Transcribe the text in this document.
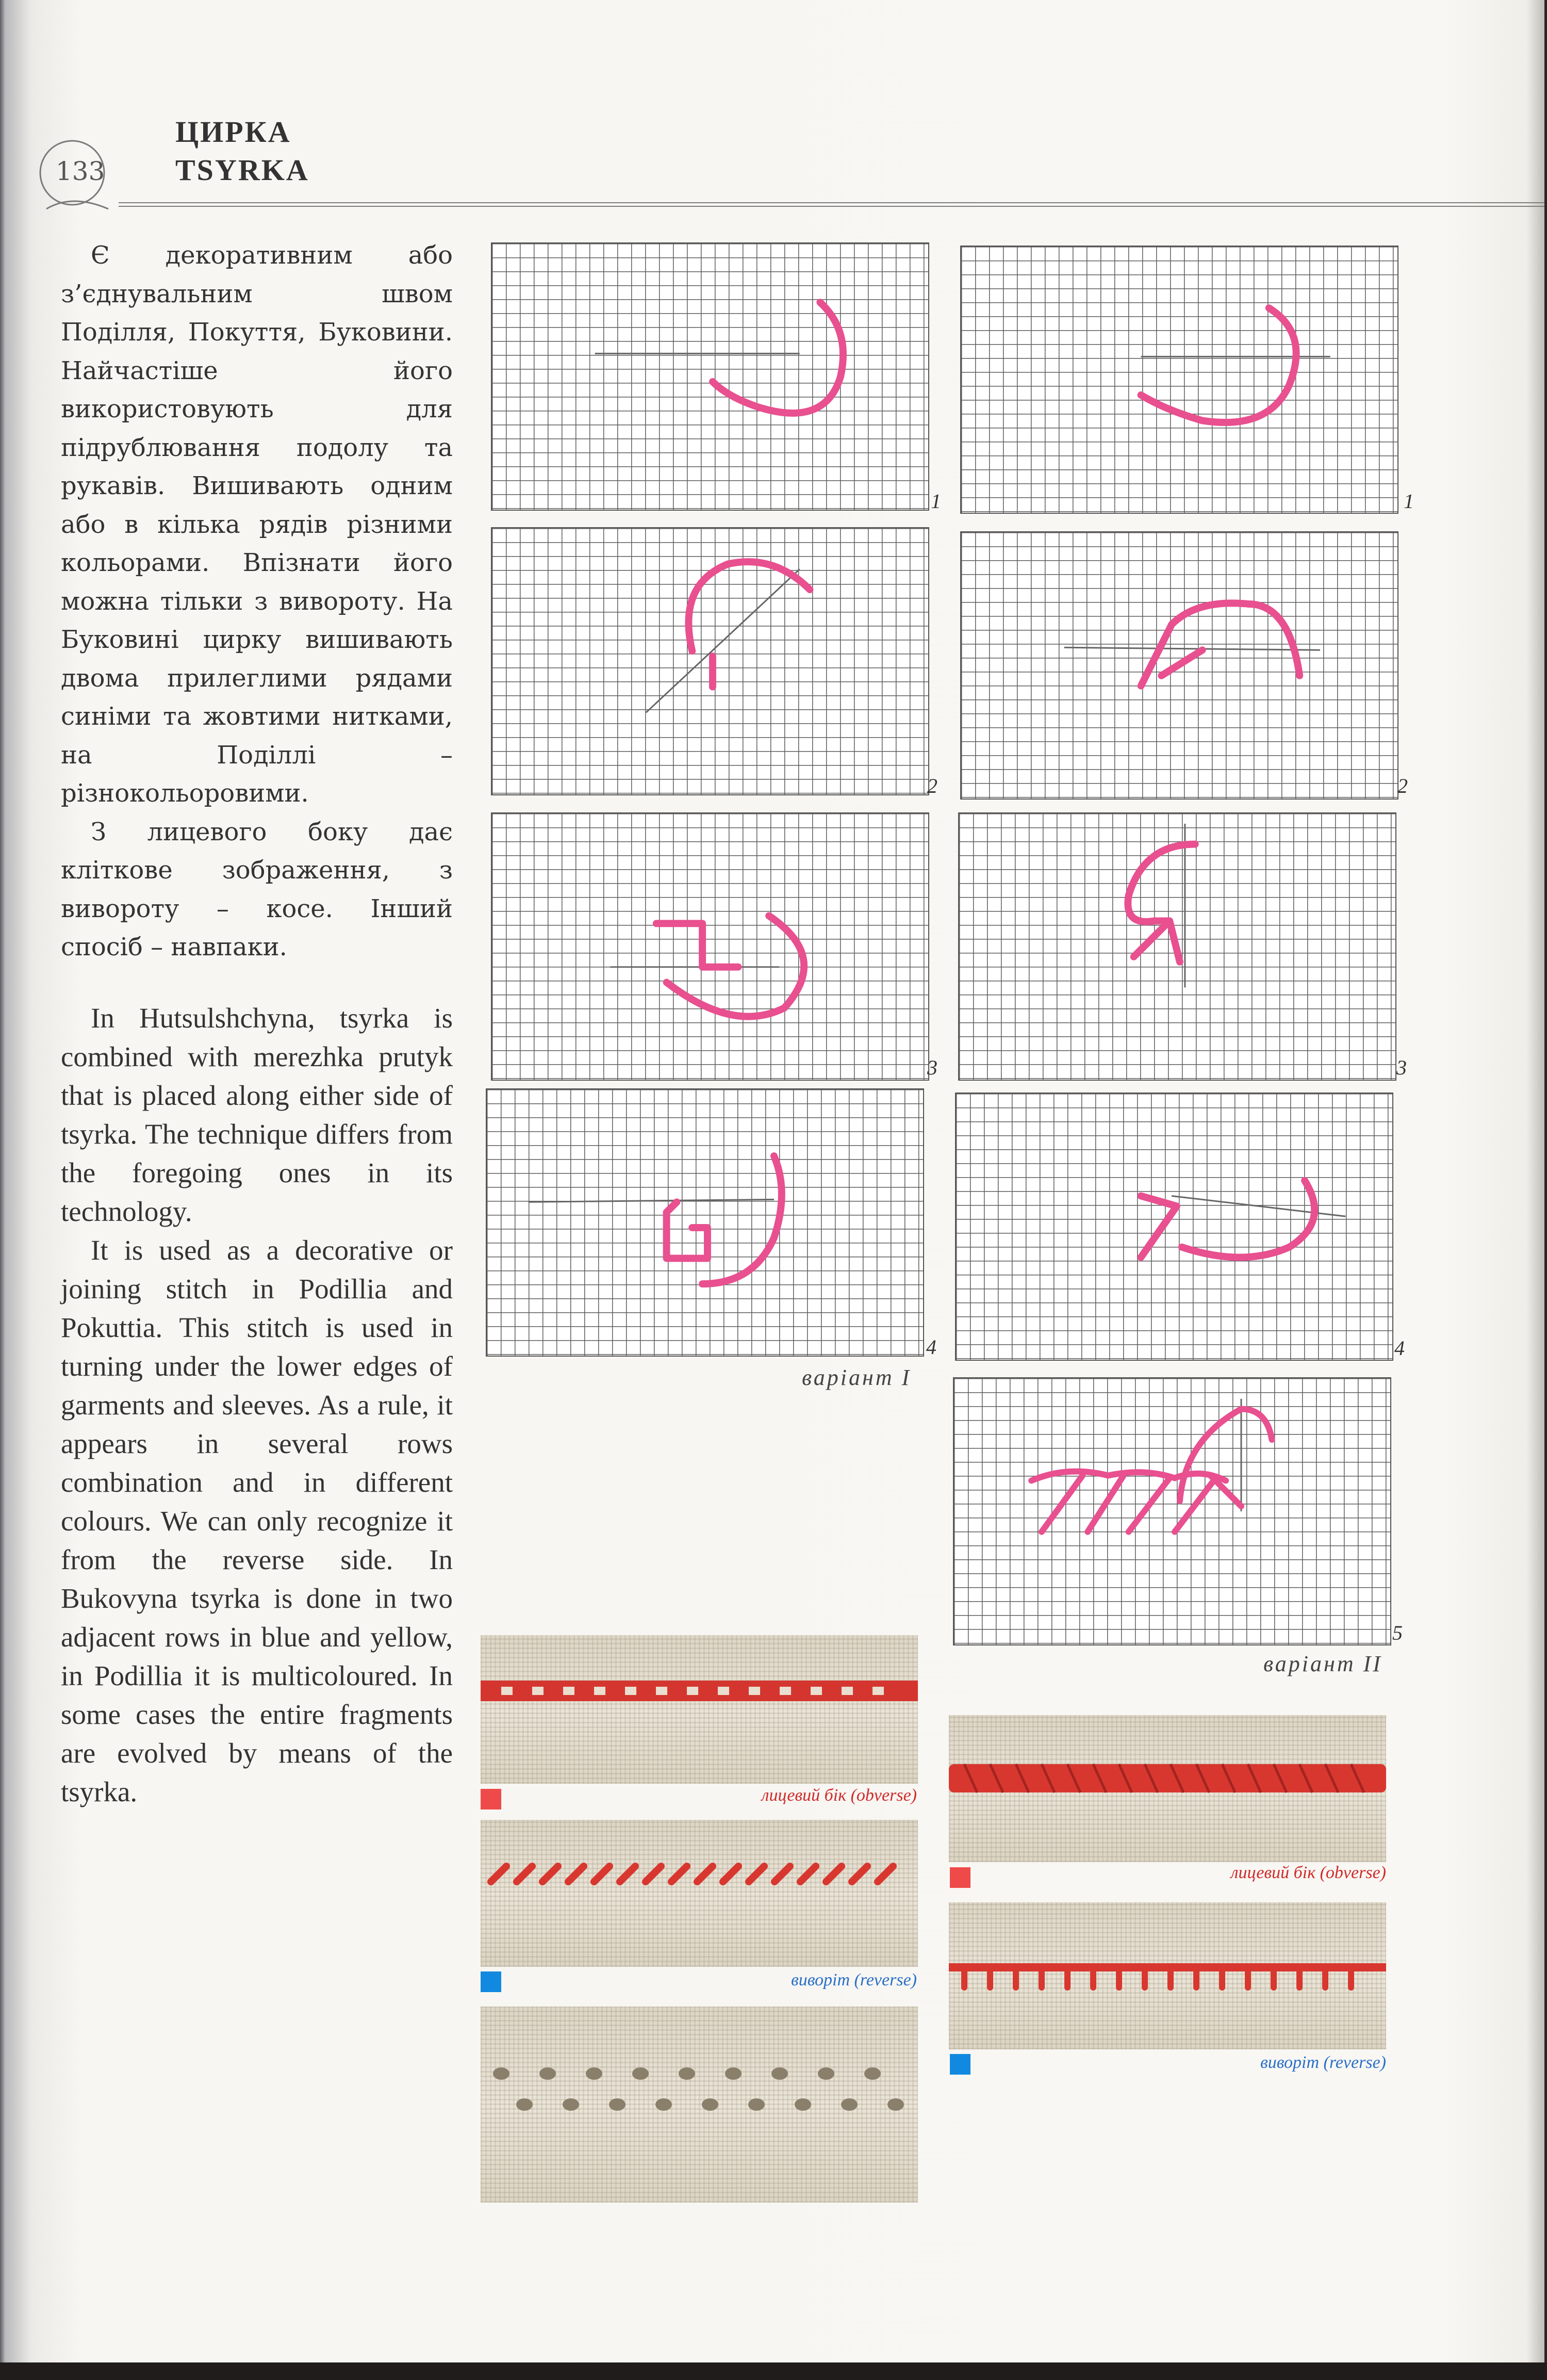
133
ЦИРКА
TSYRKA

Є декоративним або з’єднувальним швом Поділля, Покуття, Буковини. Найчастіше його використовують для підрублювання подолу та рукавів. Вишивають одним або в кілька рядів різними кольорами. Впізнати його можна тільки з вивороту. На Буковині цирку вишивають двома прилеглими рядами синіми та жовтими нитками, на Поділлі – різнокольоровими.

З лицевого боку дає клітковe зображення, з вивороту – косе. Інший спосіб – навпаки.

In Hutsulshchyna, tsyrka is combined with merezhka prutyk that is placed along either side of tsyrka. The technique differs from the foregoing ones in its technology.

It is used as a decorative or joining stitch in Podillia and Pokuttia. This stitch is used in turning under the lower edges of garments and sleeves. As a rule, it appears in several rows combination and in different colours. We can only recognize it from the reverse side. In Bukovyna tsyrka is done in two adjacent rows in blue and yellow, in Podillia it is multicoloured. In some cases the entire fragments are evolved by means of the tsyrka.

1
2
3
4
варіант I
1
2
3
4
5
варіант II
лицевий бік (obverse)
виворіт (reverse)
лицевий бік (obverse)
виворіт (reverse)
